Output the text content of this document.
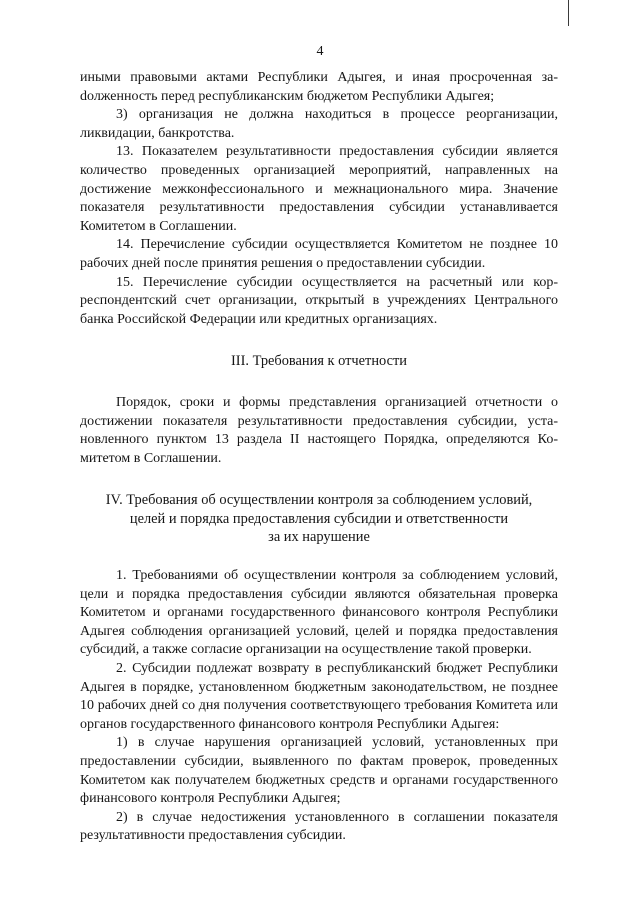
4

иными правовыми актами Республики Адыгея, и иная просроченная заdолженность перед республиканским бюджетом Республики Адыгея;

3) организация не должна находиться в процессе реорганизации, ликвидации, банкротства.

13. Показателем результативности предоставления субсидии является количество проведенных организацией мероприятий, направленных на достижение межконфессионального и межнационального мира. Значение показателя результативности предоставления субсидии устанавливается Комитетом в Соглашении.

14. Перечисление субсидии осуществляется Комитетом не позднее 10 рабочих дней после принятия решения о предоставлении субсидии.

15. Перечисление субсидии осуществляется на расчетный или корреспондентский счет организации, открытый в учреждениях Центрального банка Российской Федерации или кредитных организациях.

III. Требования к отчетности

Порядок, сроки и формы представления организацией отчетности о достижении показателя результативности предоставления субсидии, установленного пунктом 13 раздела II настоящего Порядка, определяются Комитетом в Соглашении.

IV. Требования об осуществлении контроля за соблюдением условий,
целей и порядка предоставления субсидии и ответственности
за их нарушение

1. Требованиями об осуществлении контроля за соблюдением условий, цели и порядка предоставления субсидии являются обязательная проверка Комитетом и органами государственного финансового контроля Республики Адыгея соблюдения организацией условий, целей и порядка предоставления субсидий, а также согласие организации на осуществление такой проверки.

2. Субсидии подлежат возврату в республиканский бюджет Республики Адыгея в порядке, установленном бюджетным законодательством, не позднее 10 рабочих дней со дня получения соответствующего требования Комитета или органов государственного финансового контроля Республики Адыгея:

1) в случае нарушения организацией условий, установленных при предоставлении субсидии, выявленного по фактам проверок, проведенных Комитетом как получателем бюджетных средств и органами государственного финансового контроля Республики Адыгея;

2) в случае недостижения установленного в соглашении показателя результативности предоставления субсидии.
